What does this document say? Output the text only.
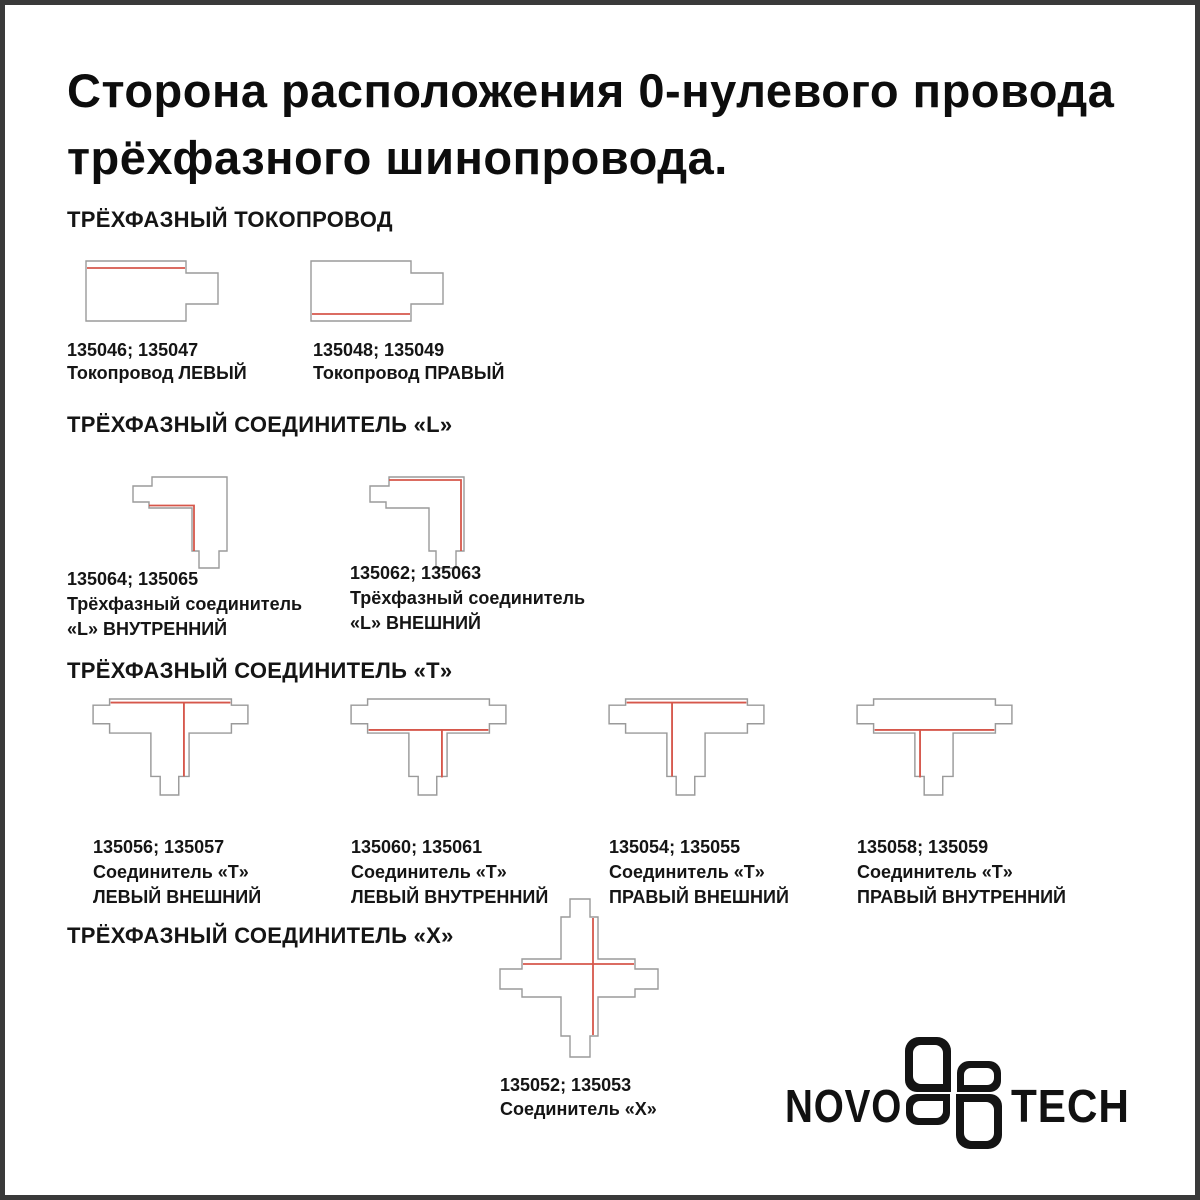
Сторона расположения 0-нулевого провода трёхфазного шинопровода.
ТРЁХФАЗНЫЙ ТОКОПРОВОД
135046; 135047
Токопровод ЛЕВЫЙ
135048; 135049
Токопровод ПРАВЫЙ
ТРЁХФАЗНЫЙ СОЕДИНИТЕЛЬ «L»
135064; 135065
Трёхфазный соединитель
«L» ВНУТРЕННИЙ
135062; 135063
Трёхфазный соединитель
«L» ВНЕШНИЙ
ТРЁХФАЗНЫЙ СОЕДИНИТЕЛЬ «Т»
135056; 135057
Соединитель «Т»
ЛЕВЫЙ ВНЕШНИЙ
135060; 135061
Соединитель «Т»
ЛЕВЫЙ ВНУТРЕННИЙ
135054; 135055
Соединитель «Т»
ПРАВЫЙ ВНЕШНИЙ
135058; 135059
Соединитель «Т»
ПРАВЫЙ ВНУТРЕННИЙ
ТРЁХФАЗНЫЙ СОЕДИНИТЕЛЬ «Х»
135052; 135053
Соединитель «Х»	NOVO TECH
